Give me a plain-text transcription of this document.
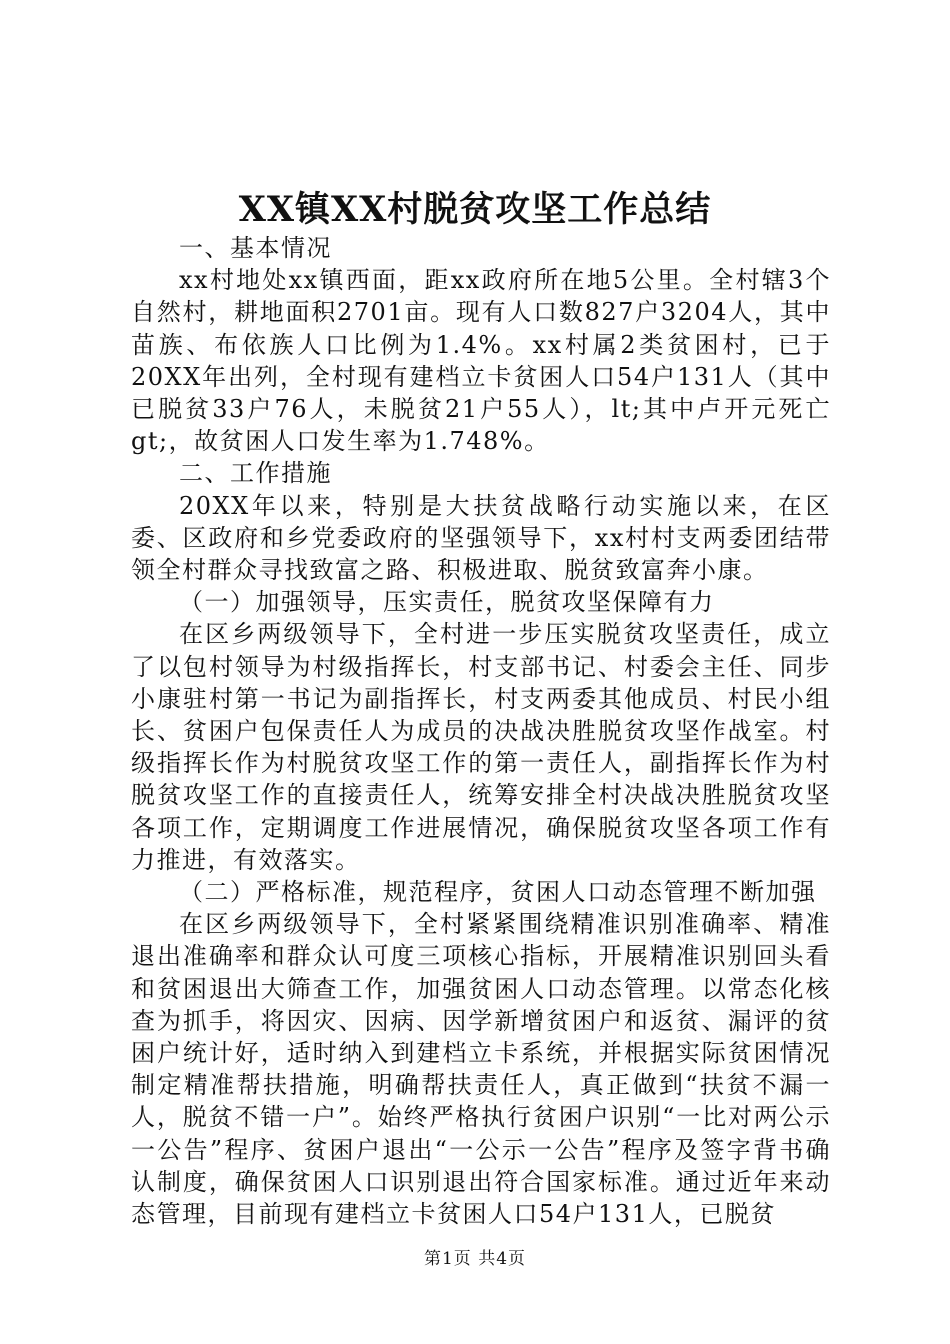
XX镇XX村脱贫攻坚工作总结

一、基本情况

xx村地处xx镇西面，距xx政府所在地5公里。全村辖3个自然村，耕地面积2701亩。现有人口数827户3204人，其中苗族、布依族人口比例为1.4%。xx村属2类贫困村，已于20XX年出列，全村现有建档立卡贫困人口54户131人（其中已脱贫33户76人，未脱贫21户55人），lt;其中卢开元死亡gt;，故贫困人口发生率为1.748%。

二、工作措施

20XX年以来，特别是大扶贫战略行动实施以来，在区委、区政府和乡党委政府的坚强领导下，xx村村支两委团结带领全村群众寻找致富之路、积极进取、脱贫致富奔小康。

（一）加强领导，压实责任，脱贫攻坚保障有力

在区乡两级领导下，全村进一步压实脱贫攻坚责任，成立了以包村领导为村级指挥长，村支部书记、村委会主任、同步小康驻村第一书记为副指挥长，村支两委其他成员、村民小组长、贫困户包保责任人为成员的决战决胜脱贫攻坚作战室。村级指挥长作为村脱贫攻坚工作的第一责任人，副指挥长作为村脱贫攻坚工作的直接责任人，统筹安排全村决战决胜脱贫攻坚各项工作，定期调度工作进展情况，确保脱贫攻坚各项工作有力推进，有效落实。

（二）严格标准，规范程序，贫困人口动态管理不断加强

在区乡两级领导下，全村紧紧围绕精准识别准确率、精准退出准确率和群众认可度三项核心指标，开展精准识别回头看和贫困退出大筛查工作，加强贫困人口动态管理。以常态化核查为抓手，将因灾、因病、因学新增贫困户和返贫、漏评的贫困户统计好，适时纳入到建档立卡系统，并根据实际贫困情况制定精准帮扶措施，明确帮扶责任人，真正做到“扶贫不漏一人，脱贫不错一户”。始终严格执行贫困户识别“一比对两公示一公告”程序、贫困户退出“一公示一公告”程序及签字背书确认制度，确保贫困人口识别退出符合国家标准。通过近年来动态管理，目前现有建档立卡贫困人口54户131人，已脱贫

第1页 共4页
